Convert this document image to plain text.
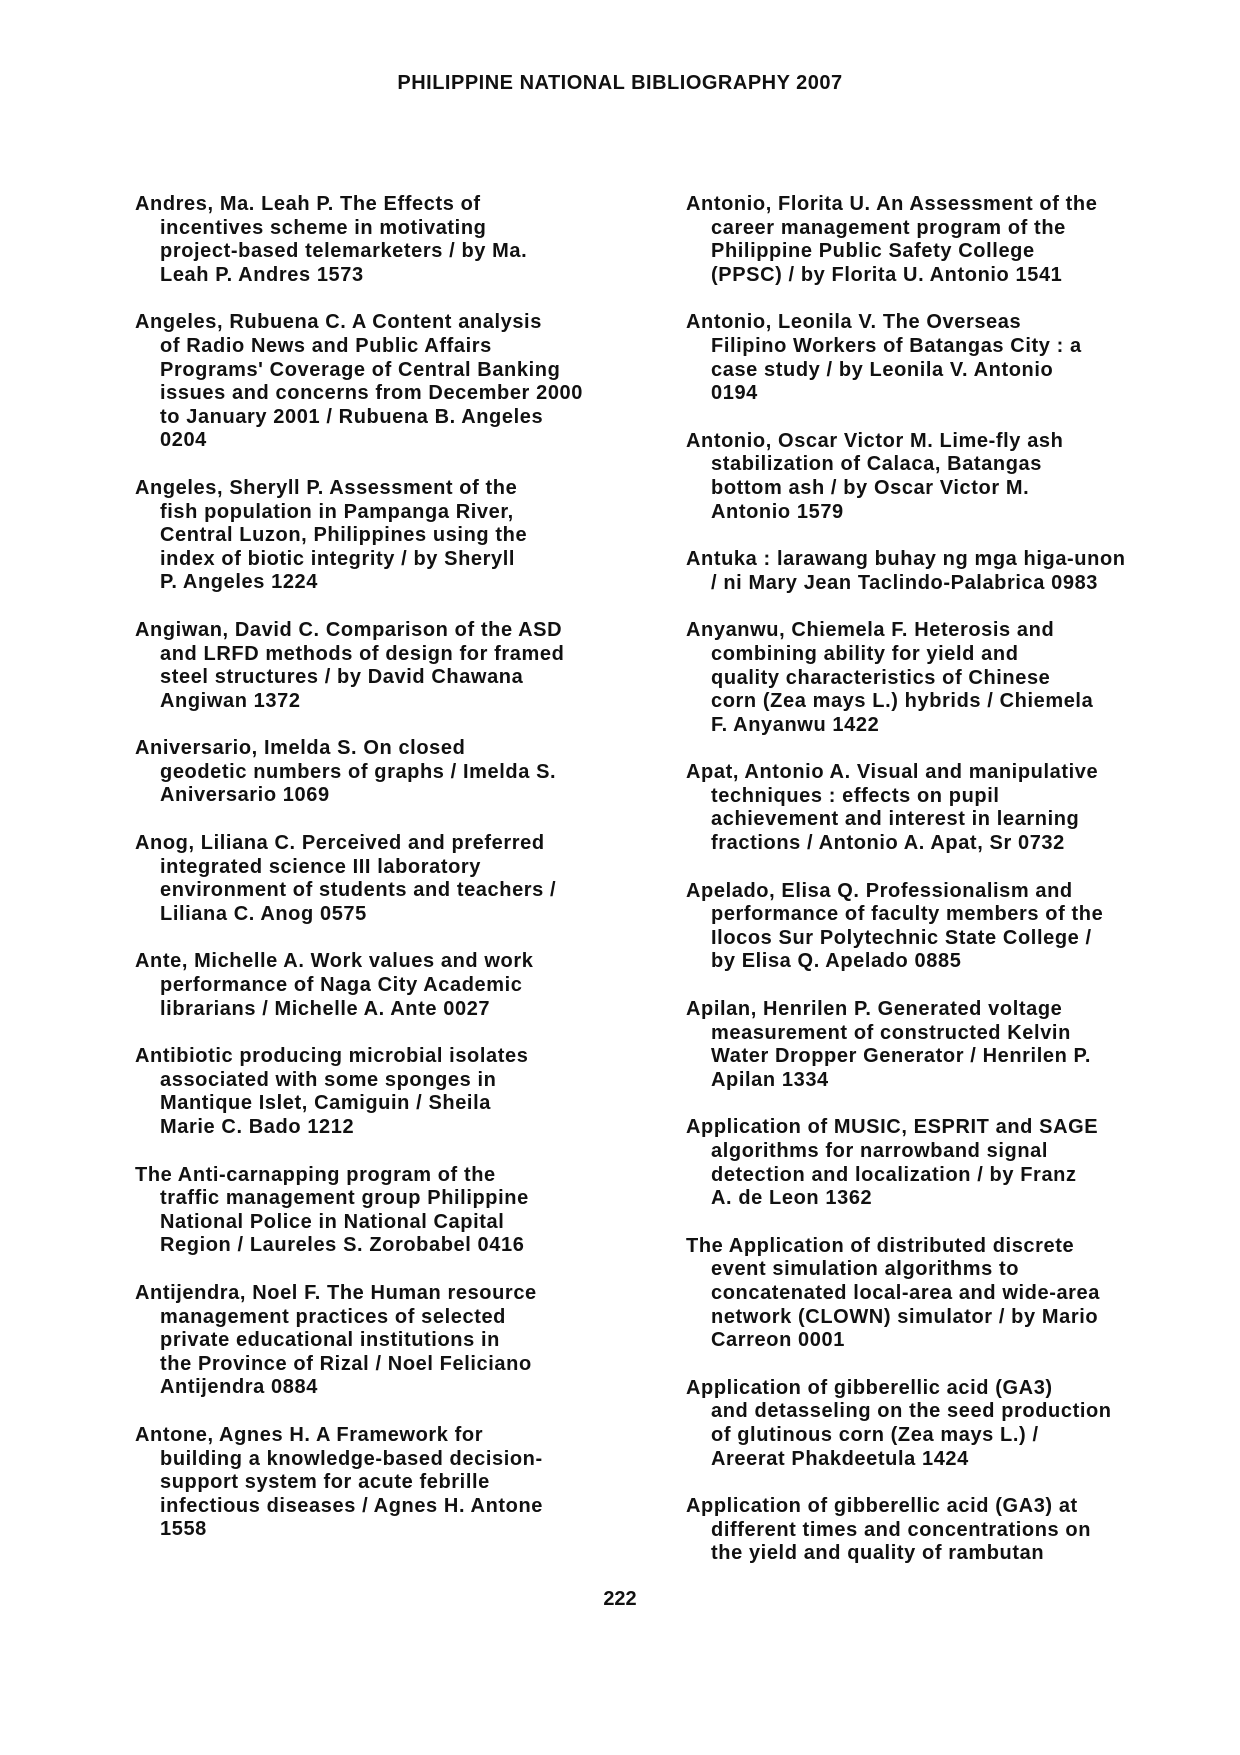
PHILIPPINE NATIONAL BIBLIOGRAPHY 2007

Andres, Ma. Leah P. The Effects of
incentives scheme in motivating
project-based telemarketers / by Ma.
Leah P. Andres 1573

Angeles, Rubuena C. A Content analysis
of Radio News and Public Affairs
Programs' Coverage of Central Banking
issues and concerns from December 2000
to January 2001 / Rubuena B. Angeles
0204

Angeles, Sheryll P. Assessment of the
fish population in Pampanga River,
Central Luzon, Philippines using the
index of biotic integrity / by Sheryll
P. Angeles 1224

Angiwan, David C. Comparison of the ASD
and LRFD methods of design for framed
steel structures / by David Chawana
Angiwan 1372

Aniversario, Imelda S. On closed
geodetic numbers of graphs / Imelda S.
Aniversario 1069

Anog, Liliana C. Perceived and preferred
integrated science III laboratory
environment of students and teachers /
Liliana C. Anog 0575

Ante, Michelle A. Work values and work
performance of Naga City Academic
librarians / Michelle A. Ante 0027

Antibiotic producing microbial isolates
associated with some sponges in
Mantique Islet, Camiguin / Sheila
Marie C. Bado 1212

The Anti-carnapping program of the
traffic management group Philippine
National Police in National Capital
Region / Laureles S. Zorobabel 0416

Antijendra, Noel F. The Human resource
management practices of selected
private educational institutions in
the Province of Rizal / Noel Feliciano
Antijendra 0884

Antone, Agnes H. A Framework for
building a knowledge-based decision-
support system for acute febrille
infectious diseases / Agnes H. Antone
1558

Antonio, Florita U. An Assessment of the
career management program of the
Philippine Public Safety College
(PPSC) / by Florita U. Antonio 1541

Antonio, Leonila V. The Overseas
Filipino Workers of Batangas City : a
case study / by Leonila V. Antonio
0194

Antonio, Oscar Victor M. Lime-fly ash
stabilization of Calaca, Batangas
bottom ash / by Oscar Victor M.
Antonio 1579

Antuka : larawang buhay ng mga higa-unon
/ ni Mary Jean Taclindo-Palabrica 0983

Anyanwu, Chiemela F. Heterosis and
combining ability for yield and
quality characteristics of Chinese
corn (Zea mays L.) hybrids / Chiemela
F. Anyanwu 1422

Apat, Antonio A. Visual and manipulative
techniques : effects on pupil
achievement and interest in learning
fractions / Antonio A. Apat, Sr 0732

Apelado, Elisa Q. Professionalism and
performance of faculty members of the
Ilocos Sur Polytechnic State College /
by Elisa Q. Apelado 0885

Apilan, Henrilen P. Generated voltage
measurement of constructed Kelvin
Water Dropper Generator / Henrilen P.
Apilan 1334

Application of MUSIC, ESPRIT and SAGE
algorithms for narrowband signal
detection and localization / by Franz
A. de Leon 1362

The Application of distributed discrete
event simulation algorithms to
concatenated local-area and wide-area
network (CLOWN) simulator / by Mario
Carreon 0001

Application of gibberellic acid (GA3)
and detasseling on the seed production
of glutinous corn (Zea mays L.) /
Areerat Phakdeetula 1424

Application of gibberellic acid (GA3) at
different times and concentrations on
the yield and quality of rambutan

222
